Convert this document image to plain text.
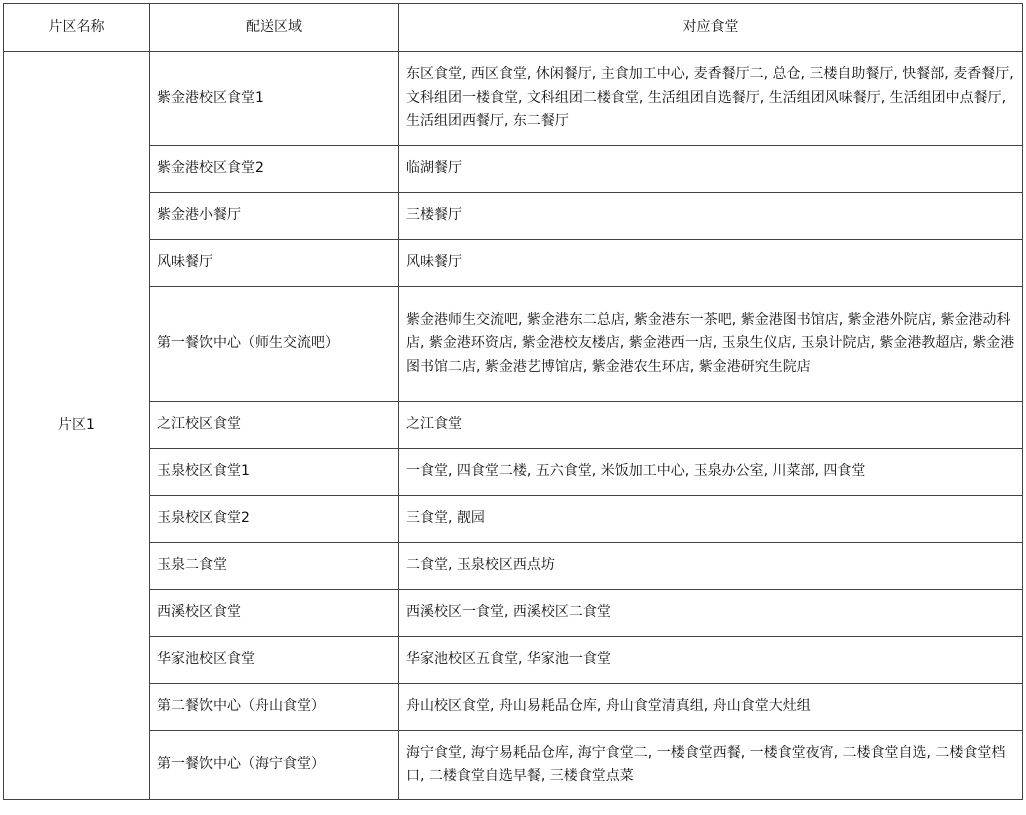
片区名称	配送区域	对应食堂
片区1	紫金港校区食堂1	东区食堂, 西区食堂, 休闲餐厅, 主食加工中心, 麦香餐厅二, 总仓, 三楼自助餐厅, 快餐部, 麦香餐厅, 文科组团一楼食堂, 文科组团二楼食堂, 生活组团自选餐厅, 生活组团风味餐厅, 生活组团中点餐厅, 生活组团西餐厅, 东二餐厅
	紫金港校区食堂2	临湖餐厅
	紫金港小餐厅	三楼餐厅
	风味餐厅	风味餐厅
	第一餐饮中心（师生交流吧）	紫金港师生交流吧, 紫金港东二总店, 紫金港东一茶吧, 紫金港图书馆店, 紫金港外院店, 紫金港动科店, 紫金港环资店, 紫金港校友楼店, 紫金港西一店, 玉泉生仪店, 玉泉计院店, 紫金港教超店, 紫金港图书馆二店, 紫金港艺博馆店, 紫金港农生环店, 紫金港研究生院店
	之江校区食堂	之江食堂
	玉泉校区食堂1	一食堂, 四食堂二楼, 五六食堂, 米饭加工中心, 玉泉办公室, 川菜部, 四食堂
	玉泉校区食堂2	三食堂, 靓园
	玉泉二食堂	二食堂, 玉泉校区西点坊
	西溪校区食堂	西溪校区一食堂, 西溪校区二食堂
	华家池校区食堂	华家池校区五食堂, 华家池一食堂
	第二餐饮中心（舟山食堂）	舟山校区食堂, 舟山易耗品仓库, 舟山食堂清真组, 舟山食堂大灶组
	第一餐饮中心（海宁食堂）	海宁食堂, 海宁易耗品仓库, 海宁食堂二, 一楼食堂西餐, 一楼食堂夜宵, 二楼食堂自选, 二楼食堂档口, 二楼食堂自选早餐, 三楼食堂点菜
